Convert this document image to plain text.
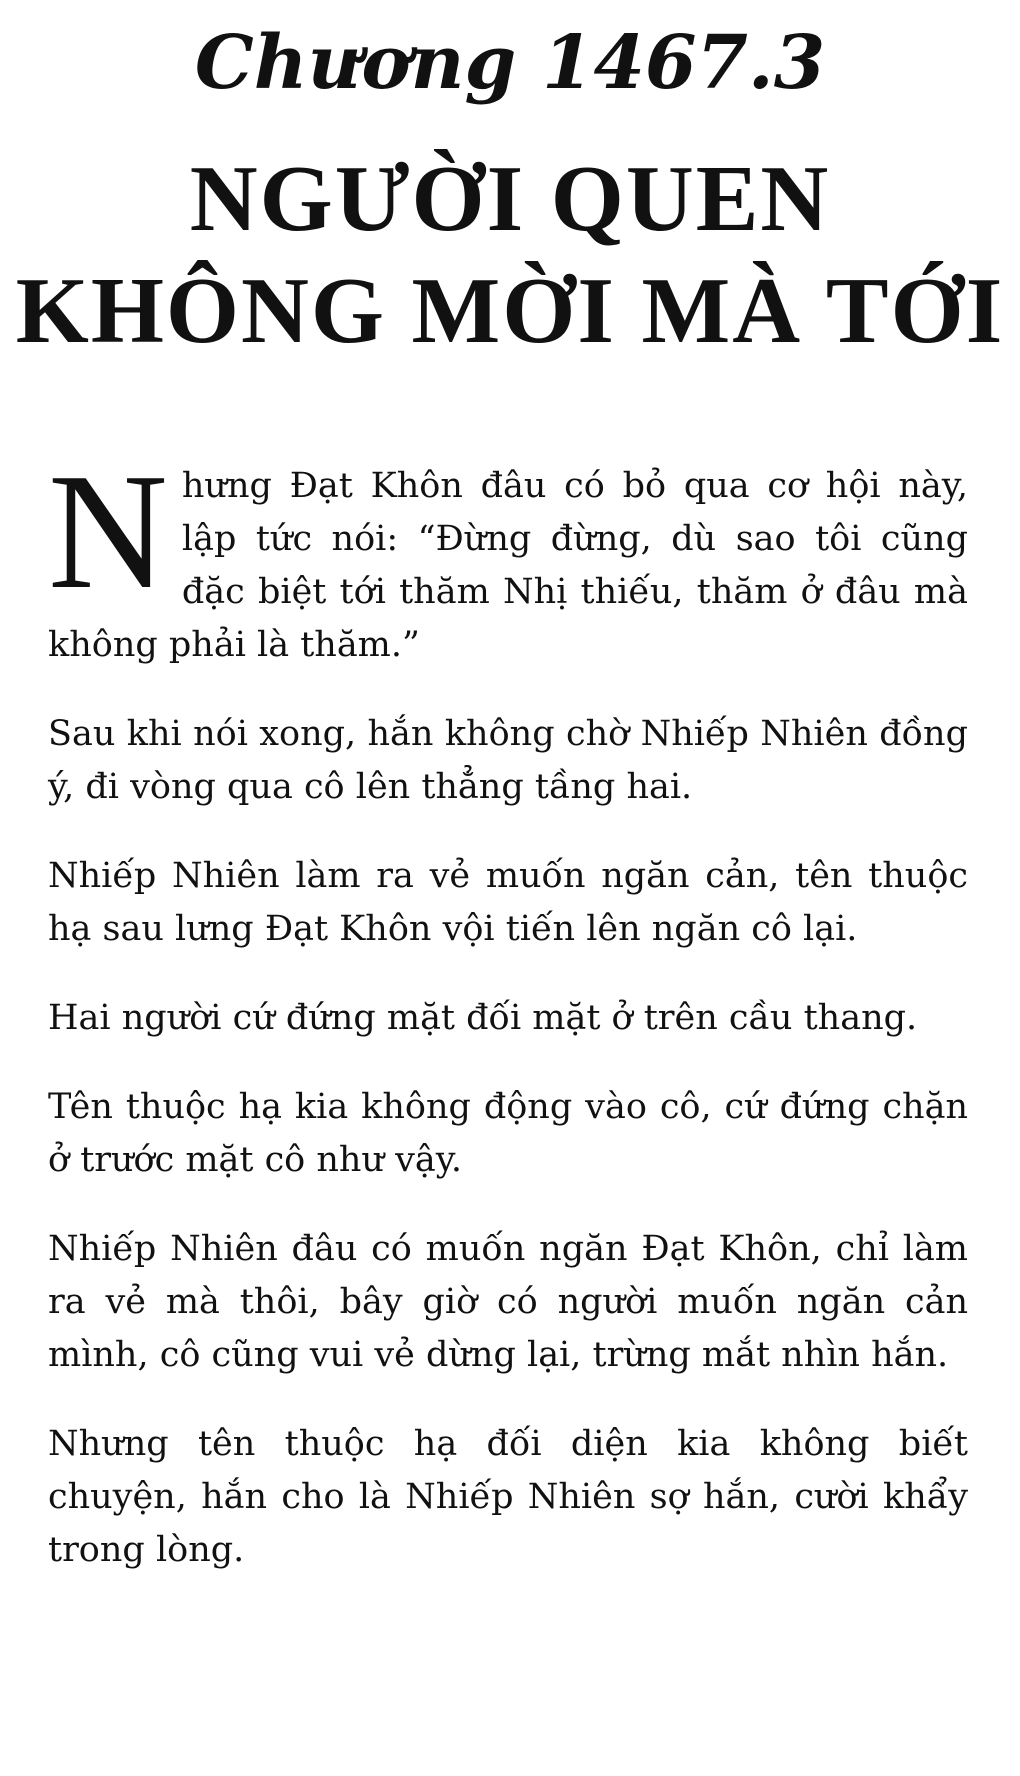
Chương 1467.3
NGƯỜI QUEN
KHÔNG MỜI MÀ TỚI

N hưng Đạt Khôn đâu có bỏ qua cơ hội này, lập tức nói: “Đừng đừng, dù sao tôi cũng đặc biệt tới thăm Nhị thiếu, thăm ở đâu mà không phải là thăm.”

Sau khi nói xong, hắn không chờ Nhiếp Nhiên đồng ý, đi vòng qua cô lên thẳng tầng hai.

Nhiếp Nhiên làm ra vẻ muốn ngăn cản, tên thuộc hạ sau lưng Đạt Khôn vội tiến lên ngăn cô lại.

Hai người cứ đứng mặt đối mặt ở trên cầu thang.

Tên thuộc hạ kia không động vào cô, cứ đứng chặn ở trước mặt cô như vậy.

Nhiếp Nhiên đâu có muốn ngăn Đạt Khôn, chỉ làm ra vẻ mà thôi, bây giờ có người muốn ngăn cản mình, cô cũng vui vẻ dừng lại, trừng mắt nhìn hắn.

Nhưng tên thuộc hạ đối diện kia không biết chuyện, hắn cho là Nhiếp Nhiên sợ hắn, cười khẩy trong lòng.
